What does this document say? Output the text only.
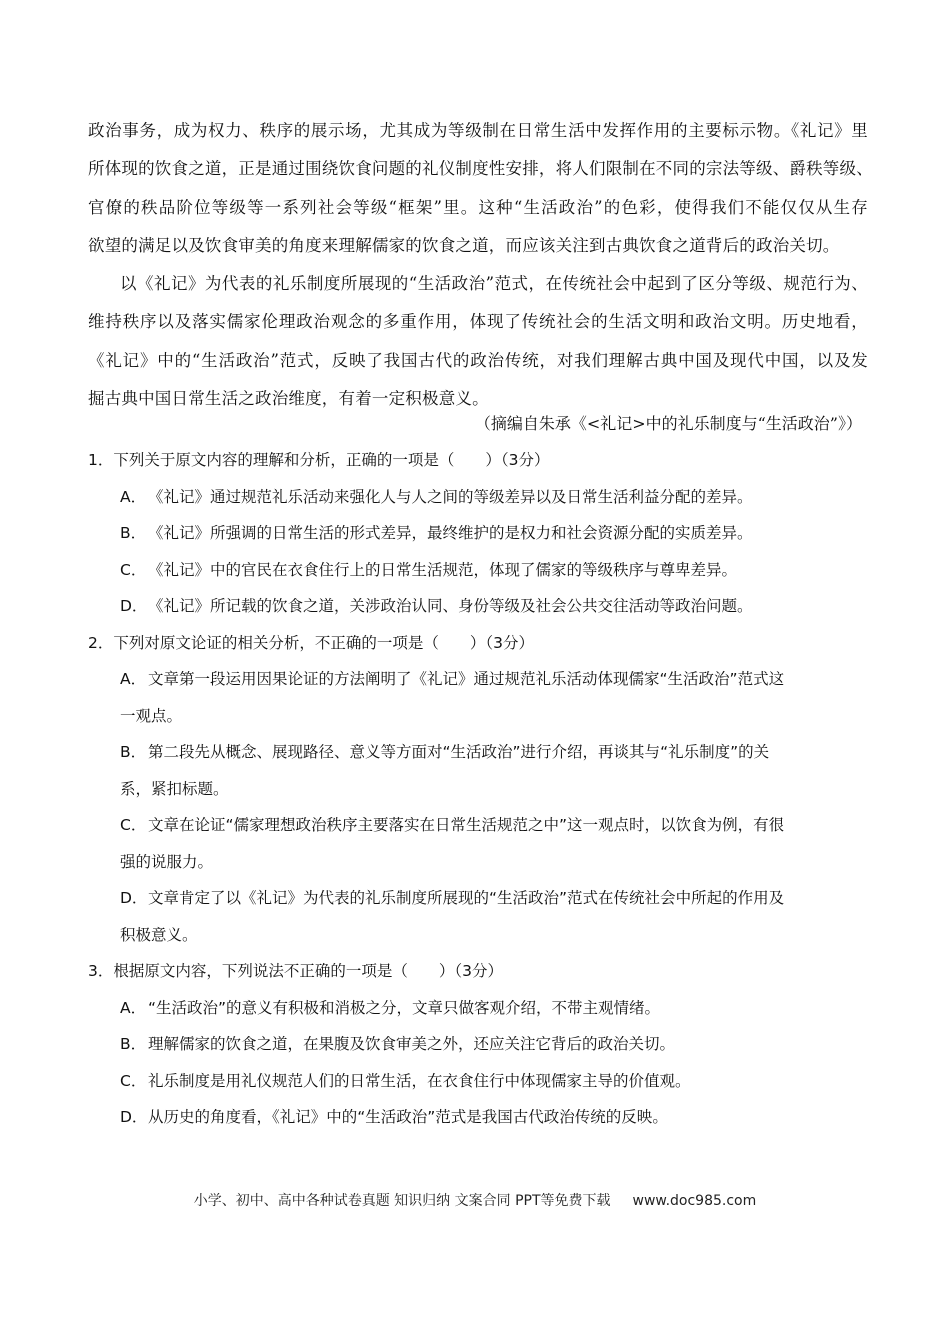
政治事务，成为权力、秩序的展示场，尤其成为等级制在日常生活中发挥作用的主要标示物。《礼记》里
所体现的饮食之道，正是通过围绕饮食问题的礼仪制度性安排，将人们限制在不同的宗法等级、爵秩等级、
官僚的秩品阶位等级等一系列社会等级“框架”里。这种“生活政治”的色彩，使得我们不能仅仅从生存
欲望的满足以及饮食审美的角度来理解儒家的饮食之道，而应该关注到古典饮食之道背后的政治关切。
以《礼记》为代表的礼乐制度所展现的“生活政治”范式，在传统社会中起到了区分等级、规范行为、
维持秩序以及落实儒家伦理政治观念的多重作用，体现了传统社会的生活文明和政治文明。历史地看，
《礼记》中的“生活政治”范式，反映了我国古代的政治传统，对我们理解古典中国及现代中国，以及发
掘古典中国日常生活之政治维度，有着一定积极意义。
（摘编自朱承《<礼记>中的礼乐制度与“生活政治”》）
1．下列关于原文内容的理解和分析，正确的一项是（　　）（3分）
A． 《礼记》通过规范礼乐活动来强化人与人之间的等级差异以及日常生活利益分配的差异。
B． 《礼记》所强调的日常生活的形式差异，最终维护的是权力和社会资源分配的实质差异。
C． 《礼记》中的官民在衣食住行上的日常生活规范，体现了儒家的等级秩序与尊卑差异。
D．《礼记》所记载的饮食之道，关涉政治认同、身份等级及社会公共交往活动等政治问题。
2．下列对原文论证的相关分析，不正确的一项是（　　）（3分）
A． 文章第一段运用因果论证的方法阐明了《礼记》通过规范礼乐活动体现儒家“生活政治”范式这
一观点。
B． 第二段先从概念、展现路径、意义等方面对“生活政治”进行介绍，再谈其与“礼乐制度”的关
系，紧扣标题。
C． 文章在论证“儒家理想政治秩序主要落实在日常生活规范之中”这一观点时，以饮食为例，有很
强的说服力。
D．文章肯定了以《礼记》为代表的礼乐制度所展现的“生活政治”范式在传统社会中所起的作用及
积极意义。
3．根据原文内容，下列说法不正确的一项是（　　）（3分）
A． “生活政治”的意义有积极和消极之分，文章只做客观介绍，不带主观情绪。
B． 理解儒家的饮食之道，在果腹及饮食审美之外，还应关注它背后的政治关切。
C． 礼乐制度是用礼仪规范人们的日常生活，在衣食住行中体现儒家主导的价值观。
D．从历史的角度看，《礼记》中的“生活政治”范式是我国古代政治传统的反映。
小学、初中、高中各种试卷真题 知识归纳 文案合同 PPT等免费下载 www.doc985.com
